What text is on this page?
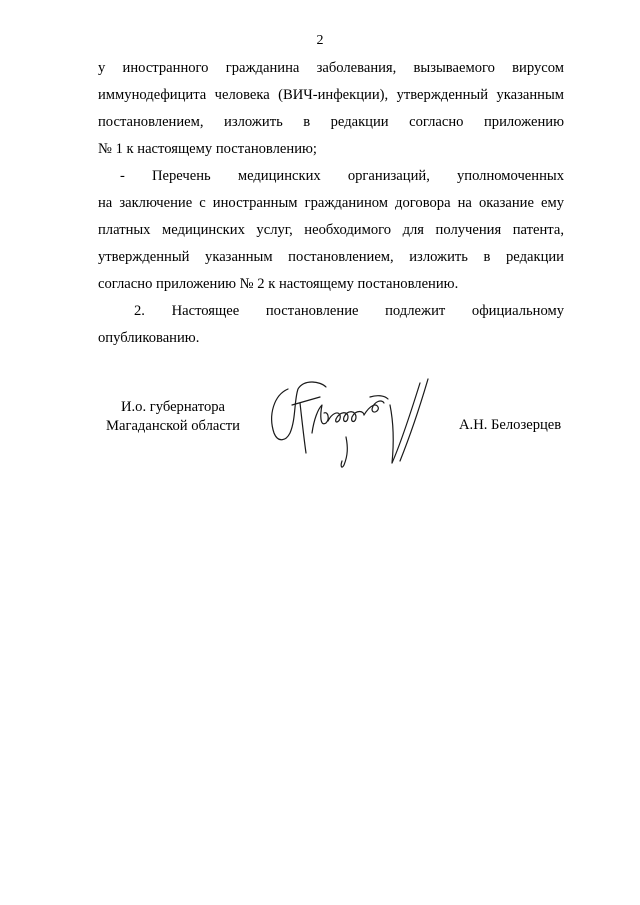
2
у иностранного гражданина заболевания, вызываемого вирусом
иммунодефицита человека (ВИЧ-инфекции), утвержденный указанным
постановлением, изложить в редакции согласно приложению
№ 1 к настоящему постановлению;
- Перечень медицинских организаций, уполномоченных
на заключение с иностранным гражданином договора на оказание ему
платных медицинских услуг, необходимого для получения патента,
утвержденный указанным постановлением, изложить в редакции
согласно приложению № 2 к настоящему постановлению.
2. Настоящее постановление подлежит официальному
опубликованию.
И.о. губернатора
Магаданской области	А.Н. Белозерцев
